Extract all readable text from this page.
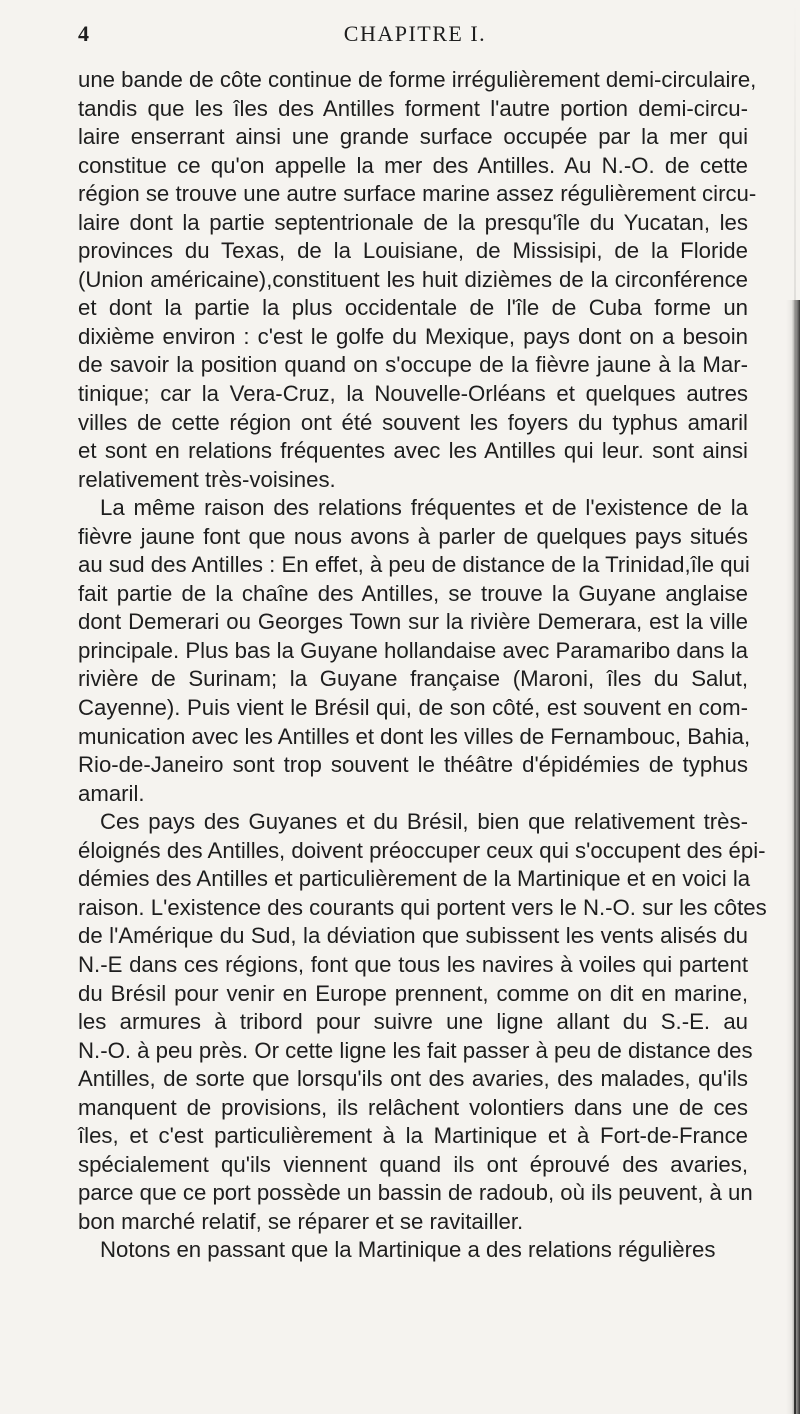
4	CHAPITRE I.
une bande de côte continue de forme irrégulièrement demi-circulaire,
tandis que les îles des Antilles forment l'autre portion demi-circu-
laire enserrant ainsi une grande surface occupée par la mer qui
constitue ce qu'on appelle la mer des Antilles. Au N.-O. de cette
région se trouve une autre surface marine assez régulièrement circu-
laire dont la partie septentrionale de la presqu'île du Yucatan, les
provinces du Texas, de la Louisiane, de Missisipi, de la Floride
(Union américaine),constituent les huit dizièmes de la circonférence
et dont la partie la plus occidentale de l'île de Cuba forme un
dixième environ : c'est le golfe du Mexique, pays dont on a besoin
de savoir la position quand on s'occupe de la fièvre jaune à la Mar-
tinique; car la Vera-Cruz, la Nouvelle-Orléans et quelques autres
villes de cette région ont été souvent les foyers du typhus amaril
et sont en relations fréquentes avec les Antilles qui leur. sont ainsi
relativement très-voisines.
La même raison des relations fréquentes et de l'existence de la
fièvre jaune font que nous avons à parler de quelques pays situés
au sud des Antilles : En effet, à peu de distance de la Trinidad,île qui
fait partie de la chaîne des Antilles, se trouve la Guyane anglaise
dont Demerari ou Georges Town sur la rivière Demerara, est la ville
principale. Plus bas la Guyane hollandaise avec Paramaribo dans la
rivière de Surinam; la Guyane française (Maroni, îles du Salut,
Cayenne). Puis vient le Brésil qui, de son côté, est souvent en com-
munication avec les Antilles et dont les villes de Fernambouc, Bahia,
Rio-de-Janeiro sont trop souvent le théâtre d'épidémies de typhus
amaril.
Ces pays des Guyanes et du Brésil, bien que relativement très-
éloignés des Antilles, doivent préoccuper ceux qui s'occupent des épi-
démies des Antilles et particulièrement de la Martinique et en voici la
raison. L'existence des courants qui portent vers le N.-O. sur les côtes
de l'Amérique du Sud, la déviation que subissent les vents alisés du
N.-E dans ces régions, font que tous les navires à voiles qui partent
du Brésil pour venir en Europe prennent, comme on dit en marine,
les armures à tribord pour suivre une ligne allant du S.-E. au
N.-O. à peu près. Or cette ligne les fait passer à peu de distance des
Antilles, de sorte que lorsqu'ils ont des avaries, des malades, qu'ils
manquent de provisions, ils relâchent volontiers dans une de ces
îles, et c'est particulièrement à la Martinique et à Fort-de-France
spécialement qu'ils viennent quand ils ont éprouvé des avaries,
parce que ce port possède un bassin de radoub, où ils peuvent, à un
bon marché relatif, se réparer et se ravitailler.
Notons en passant que la Martinique a des relations régulières
